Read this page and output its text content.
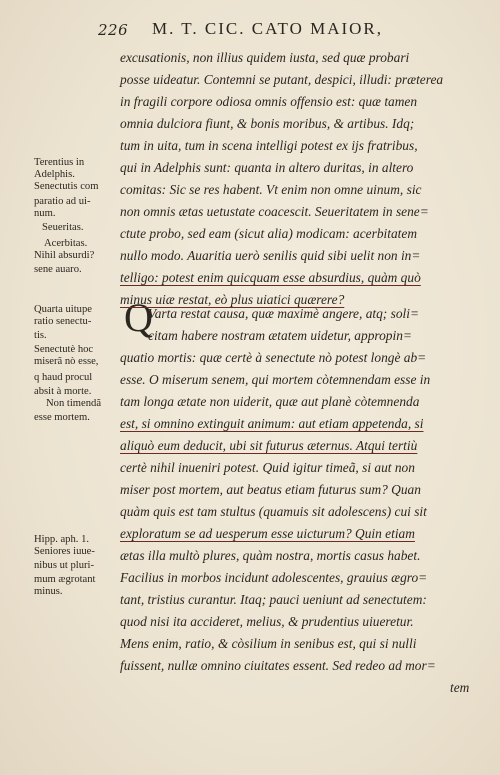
226 M. T. CIC. CATO MAIOR,
Terentius in
Adelphis.
Senectutis com
paratio ad ui-
num.
Seueritas.
Acerbitas.
Nihil absurdi?
sene auaro.
Quarta uitupe
ratio senectu-
tis.
Senectutè hoc
miserã nò esse,
q haud procul
absit à morte.
Non timendã
esse mortem.
Hipp. aph. 1.
Seniores iuue-
nibus ut pluri-
mum ægrotant
minus.
Q
excusationis, non illius quidem iusta, sed quæ probari
posse uideatur. Contemni se putant, despici, illudi: præterea
in fragili corpore odiosa omnis offensio est: quæ tamen
omnia dulciora fiunt, & bonis moribus, & artibus. Idq;
tum in uita, tum in scena intelligi potest ex ijs fratribus,
qui in Adelphis sunt: quanta in altero duritas, in altero
comitas: Sic se res habent. Vt enim non omne uinum, sic
non omnis ætas uetustate coacescit. Seueritatem in sene=
ctute probo, sed eam (sicut alia) modicam: acerbitatem
nullo modo. Auaritia uerò senilis quid sibi uelit non in=
telligo: potest enim quicquam esse absurdius, quàm quò
minus uiæ restat, eò plus uiatici quærere?
Varta restat causa, quæ maximè angere, atq; soli=
citam habere nostram ætatem uidetur, appropin=
quatio mortis: quæ certè à senectute nò potest longè ab=
esse. O miserum senem, qui mortem còtemnendam esse in
tam longa ætate non uiderit, quæ aut planè còtemnenda
est, si omnino extinguit animum: aut etiam appetenda, si
aliquò eum deducit, ubi sit futurus æternus. Atqui tertiù
certè nihil inueniri potest. Quid igitur timeã, si aut non
miser post mortem, aut beatus etiam futurus sum? Quan
quàm quis est tam stultus (quamuis sit adolescens) cui sit
exploratum se ad uesperum esse uicturum? Quin etiam
ætas illa multò plures, quàm nostra, mortis casus habet.
Facilius in morbos incidunt adolescentes, grauius ægro=
tant, tristius curantur. Itaq; pauci ueniunt ad senectutem:
quod nisi ita accideret, melius, & prudentius uiueretur.
Mens enim, ratio, & còsilium in senibus est, qui si nulli
fuissent, nullæ omnino ciuitates essent. Sed redeo ad mor=
tem
